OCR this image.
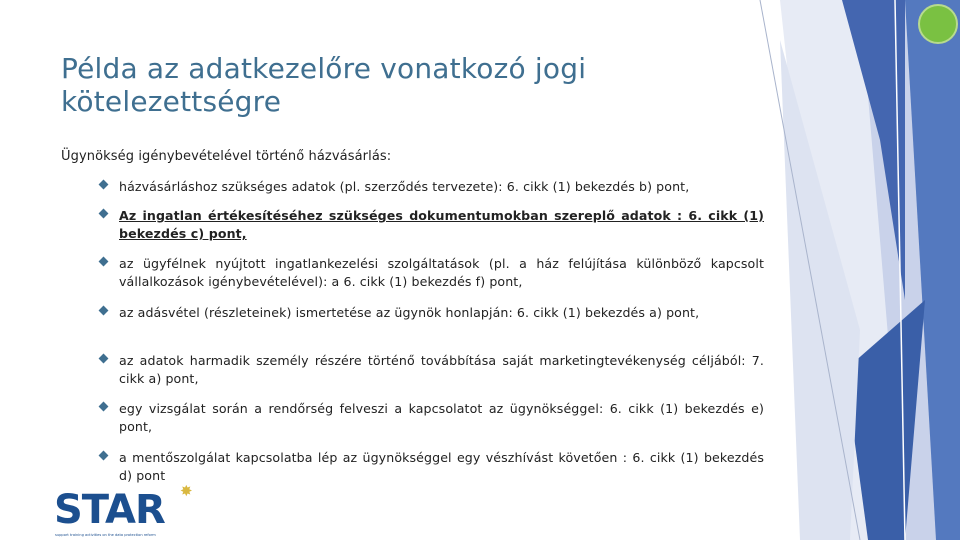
Példa az adatkezelőre vonatkozó jogi kötelezettségre

Ügynökség igénybevételével történő házvásárlás:

házvásárláshoz szükséges adatok (pl. szerződés tervezete): 6. cikk (1) bekezdés b) pont,
Az ingatlan értékesítéséhez szükséges dokumentumokban szereplő adatok : 6. cikk (1) bekezdés c) pont,
az ügyfélnek nyújtott ingatlankezelési szolgáltatások (pl. a ház felújítása különböző kapcsolt vállalkozások igénybevételével): a 6. cikk (1) bekezdés f) pont,
az adásvétel (részleteinek) ismertetése az ügynök honlapján: 6. cikk (1) bekezdés a) pont,
az adatok harmadik személy részére történő továbbítása saját marketingtevékenység céljából: 7. cikk a) pont,
egy vizsgálat során a rendőrség felveszi a kapcsolatot az ügynökséggel: 6. cikk (1) bekezdés e) pont,
a mentőszolgálat kapcsolatba lép az ügynökséggel egy vészhívást követően : 6. cikk (1) bekezdés d) pont
STAR ✸
support training activities on the data protection reform
